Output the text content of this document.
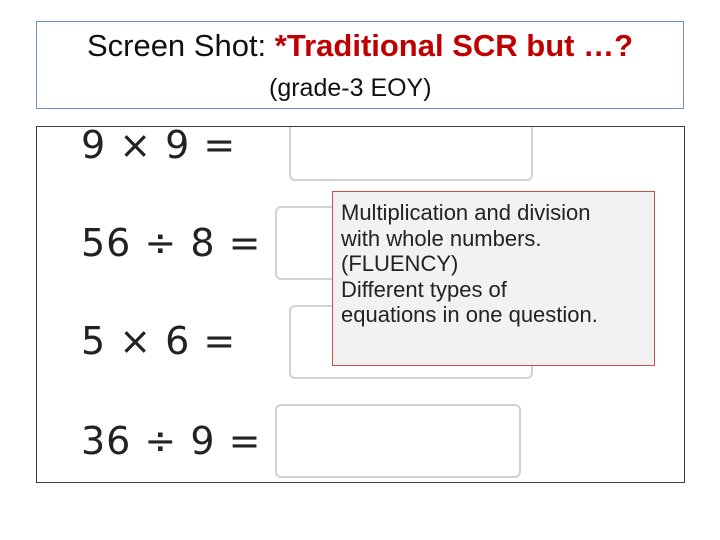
Screen Shot: *Traditional SCR but …?
(grade-3 EOY)
9 × 9 =
56 ÷ 8 =
5 × 6 =
36 ÷ 9 =
Multiplication and division
with whole numbers.
(FLUENCY)
Different types of
equations in one question.
